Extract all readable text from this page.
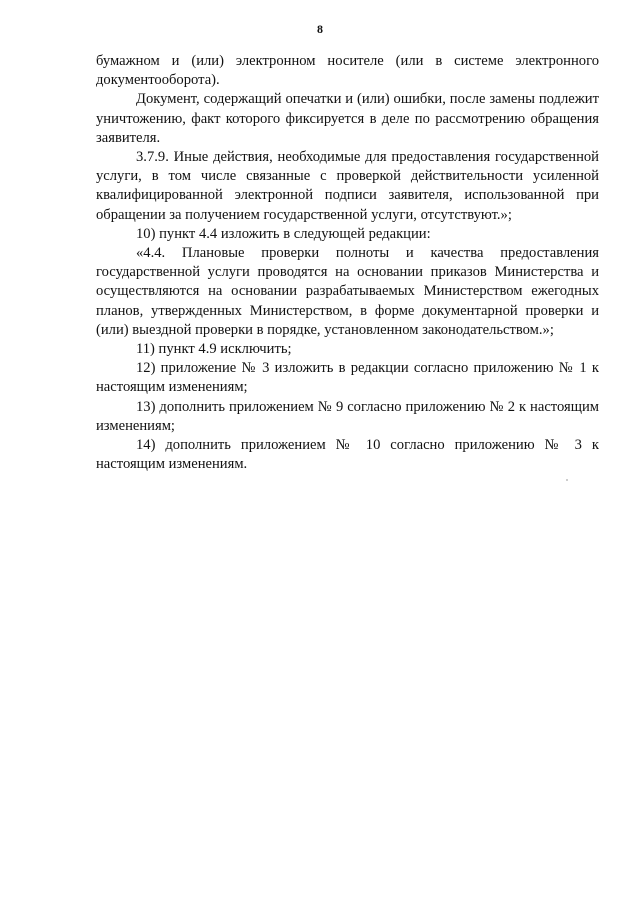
8

бумажном и (или) электронном носителе (или в системе электронного документооборота).

Документ, содержащий опечатки и (или) ошибки, после замены подлежит уничтожению, факт которого фиксируется в деле по рассмотрению обращения заявителя.

3.7.9. Иные действия, необходимые для предоставления государственной услуги, в том числе связанные с проверкой действительности усиленной квалифицированной электронной подписи заявителя, использованной при обращении за получением государственной услуги, отсутствуют.»;

10) пункт 4.4 изложить в следующей редакции:

«4.4. Плановые проверки полноты и качества предоставления государственной услуги проводятся на основании приказов Министерства и осуществляются на основании разрабатываемых Министерством ежегодных планов, утвержденных Министерством, в форме документарной проверки и (или) выездной проверки в порядке, установленном законодательством.»;

11) пункт 4.9 исключить;

12) приложение № 3 изложить в редакции согласно приложению № 1 к настоящим изменениям;

13) дополнить приложением № 9 согласно приложению № 2 к настоящим изменениям;

14) дополнить приложением № 10 согласно приложению № 3 к настоящим изменениям.
